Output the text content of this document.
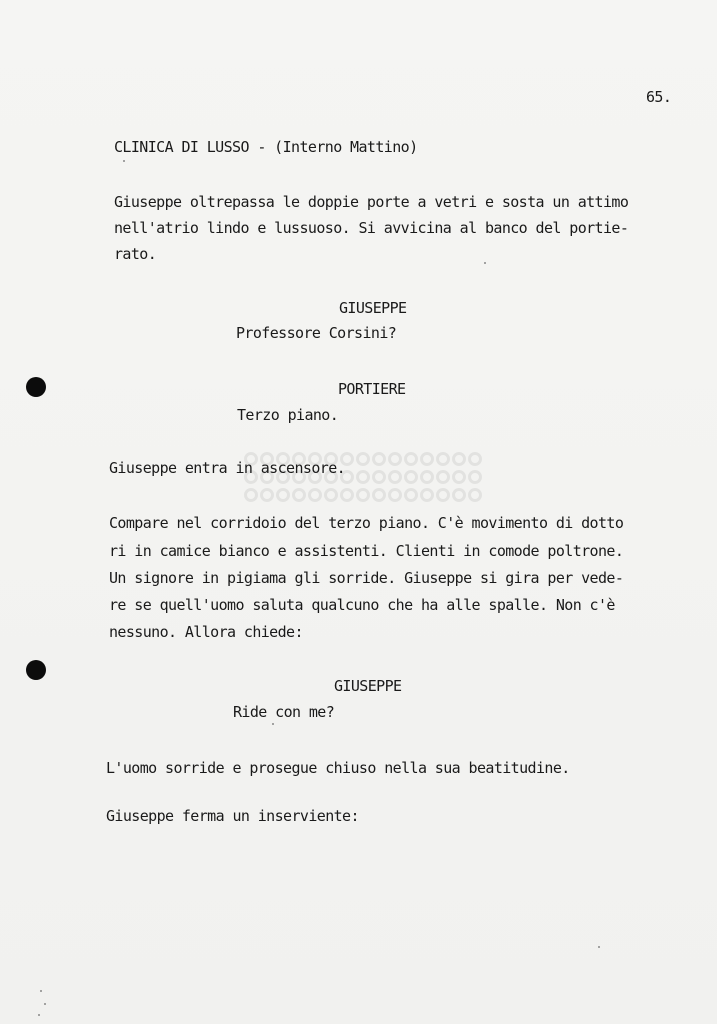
65.
CLINICA DI LUSSO - (Interno Mattino)
Giuseppe oltrepassa le doppie porte a vetri e sosta un attimo
nell'atrio lindo e lussuoso. Si avvicina al banco del portie-
rato.
GIUSEPPE
Professore Corsini?
PORTIERE
Terzo piano.
Giuseppe entra in ascensore.
Compare nel corridoio del terzo piano. C'è movimento di dotto
ri in camice bianco e assistenti. Clienti in comode poltrone.
Un signore in pigiama gli sorride. Giuseppe si gira per vede-
re se quell'uomo saluta qualcuno che ha alle spalle. Non c'è
nessuno. Allora chiede:
GIUSEPPE
Ride con me?
L'uomo sorride e prosegue chiuso nella sua beatitudine.
Giuseppe ferma un inserviente:
